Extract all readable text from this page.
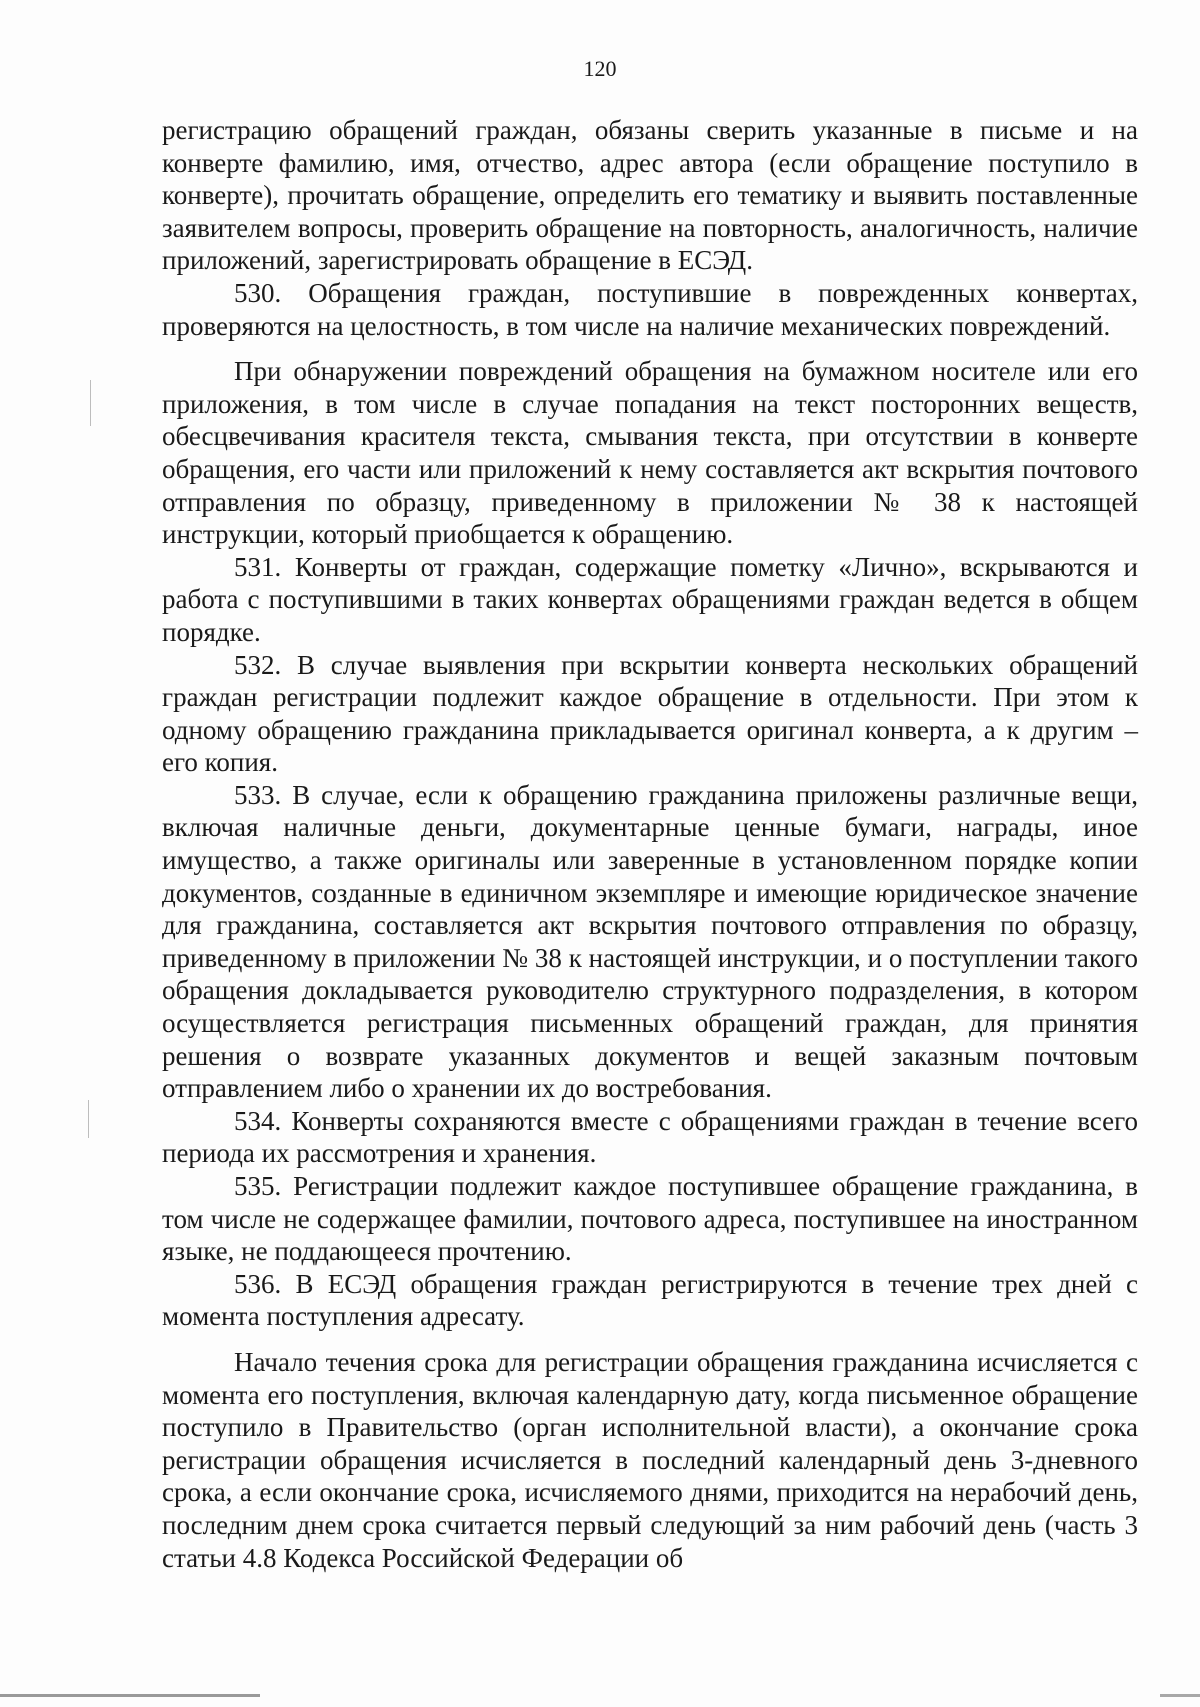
120

регистрацию обращений граждан, обязаны сверить указанные в письме и на конверте фамилию, имя, отчество, адрес автора (если обращение поступило в конверте), прочитать обращение, определить его тематику и выявить поставленные заявителем вопросы, проверить обращение на повторность, аналогичность, наличие приложений, зарегистрировать обращение в ЕСЭД.

530. Обращения граждан, поступившие в поврежденных конвертах, проверяются на целостность, в том числе на наличие механических повреждений.

При обнаружении повреждений обращения на бумажном носителе или его приложения, в том числе в случае попадания на текст посторонних веществ, обесцвечивания красителя текста, смывания текста, при отсутствии в конверте обращения, его части или приложений к нему составляется акт вскрытия почтового отправления по образцу, приведенному в приложении № 38 к настоящей инструкции, который приобщается к обращению.

531. Конверты от граждан, содержащие пометку «Лично», вскрываются и работа с поступившими в таких конвертах обращениями граждан ведется в общем порядке.

532. В случае выявления при вскрытии конверта нескольких обращений граждан регистрации подлежит каждое обращение в отдельности. При этом к одному обращению гражданина прикладывается оригинал конверта, а к другим – его копия.

533. В случае, если к обращению гражданина приложены различные вещи, включая наличные деньги, документарные ценные бумаги, награды, иное имущество, а также оригиналы или заверенные в установленном порядке копии документов, созданные в единичном экземпляре и имеющие юридическое значение для гражданина, составляется акт вскрытия почтового отправления по образцу, приведенному в приложении № 38 к настоящей инструкции, и о поступлении такого обращения докладывается руководителю структурного подразделения, в котором осуществляется регистрация письменных обращений граждан, для принятия решения о возврате указанных документов и вещей заказным почтовым отправлением либо о хранении их до востребования.

534. Конверты сохраняются вместе с обращениями граждан в течение всего периода их рассмотрения и хранения.

535. Регистрации подлежит каждое поступившее обращение гражданина, в том числе не содержащее фамилии, почтового адреса, поступившее на иностранном языке, не поддающееся прочтению.

536. В ЕСЭД обращения граждан регистрируются в течение трех дней с момента поступления адресату.

Начало течения срока для регистрации обращения гражданина исчисляется с момента его поступления, включая календарную дату, когда письменное обращение поступило в Правительство (орган исполнительной власти), а окончание срока регистрации обращения исчисляется в последний календарный день 3-дневного срока, а если окончание срока, исчисляемого днями, приходится на нерабочий день, последним днем срока считается первый следующий за ним рабочий день (часть 3 статьи 4.8 Кодекса Российской Федерации об
